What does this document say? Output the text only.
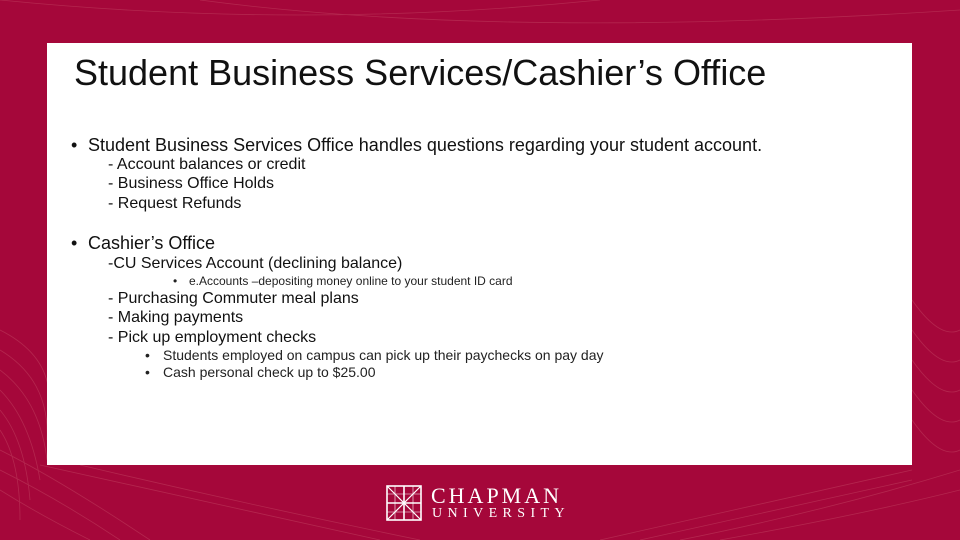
Student Business Services/Cashier’s Office
• Student Business Services Office handles questions regarding your student account.
- Account balances or credit
- Business Office Holds
- Request Refunds
• Cashier’s Office
-CU Services Account (declining balance)
• e.Accounts –depositing money online to your student ID card
- Purchasing Commuter meal plans
- Making payments
- Pick up employment checks
• Students employed on campus can pick up their paychecks on pay day
• Cash personal check up to $25.00
CHAPMAN
UNIVERSITY
